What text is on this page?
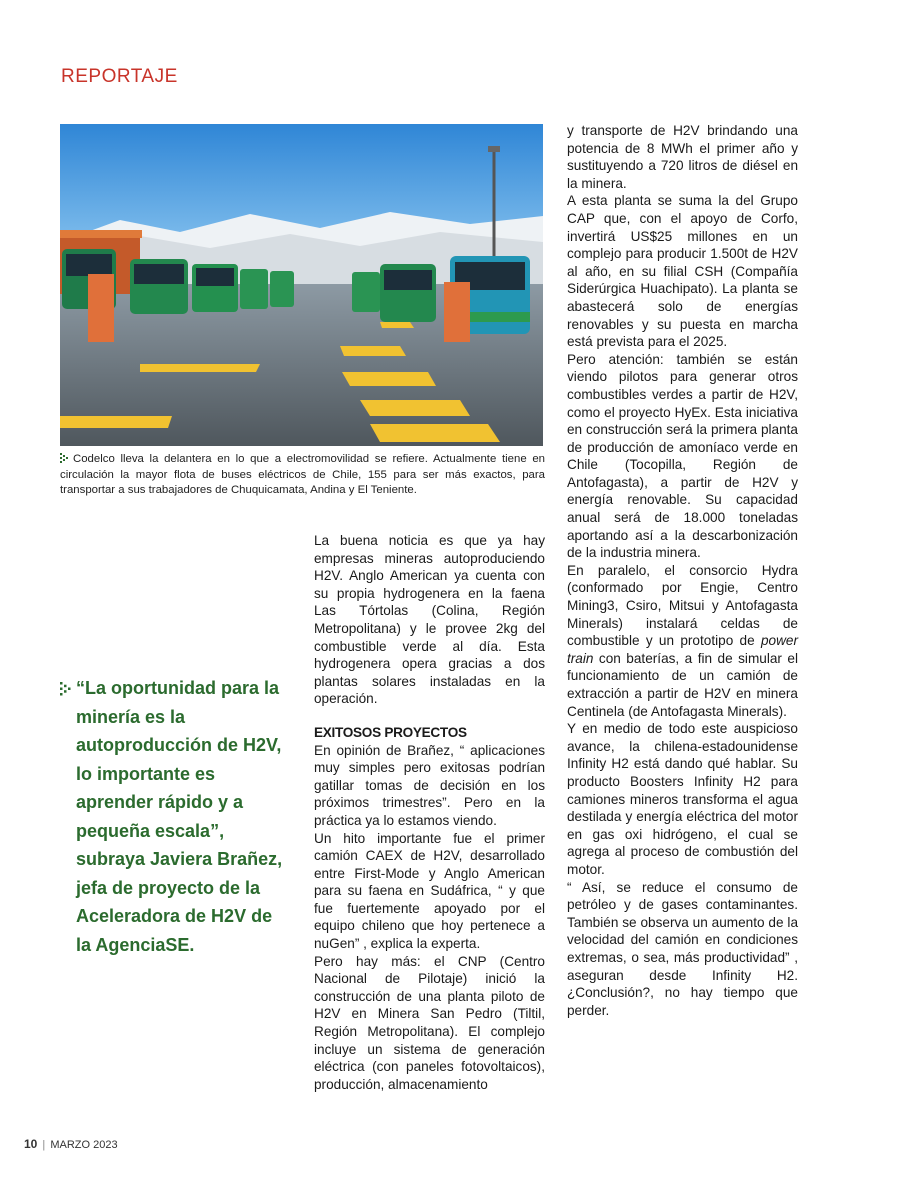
REPORTAJE
Codelco lleva la delantera en lo que a electromovilidad se refiere. Actualmente tiene en circulación la mayor flota de buses eléctricos de Chile, 155 para ser más exactos, para transportar a sus trabajadores de Chuquicamata, Andina y El Teniente.
“La oportunidad para la minería es la autoproducción de H2V, lo importante es aprender rápido y a pequeña escala”, subraya Javiera Brañez, jefa de proyecto de la Aceleradora de H2V de la AgenciaSE.

La buena noticia es que ya hay empresas mineras autoproduciendo H2V. Anglo American ya cuenta con su propia hydrogenera en la faena Las Tórtolas (Colina, Región Metropolitana) y le provee 2kg del combustible verde al día. Esta hydrogenera opera gracias a dos plantas solares instaladas en la operación.

EXITOSOS PROYECTOS

En opinión de Brañez, “ aplicaciones muy simples pero exitosas podrían gatillar tomas de decisión en los próximos trimestres”. Pero en la práctica ya lo estamos viendo.

Un hito importante fue el primer camión CAEX de H2V, desarrollado entre First-Mode y Anglo American para su faena en Sudáfrica, “ y que fue fuertemente apoyado por el equipo chileno que hoy pertenece a nuGen” , explica la experta.

Pero hay más: el CNP (Centro Nacional de Pilotaje) inició la construcción de una planta piloto de H2V en Minera San Pedro (Tiltil, Región Metropolitana). El complejo incluye un sistema de generación eléctrica (con paneles fotovoltaicos), producción, almacenamiento

y transporte de H2V brindando una potencia de 8 MWh el primer año y sustituyendo a 720 litros de diésel en la minera.

A esta planta se suma la del Grupo CAP que, con el apoyo de Corfo, invertirá US$25 millones en un complejo para producir 1.500t de H2V al año, en su filial CSH (Compañía Siderúrgica Huachipato). La planta se abastecerá solo de energías renovables y su puesta en marcha está prevista para el 2025.

Pero atención: también se están viendo pilotos para generar otros combustibles verdes a partir de H2V, como el proyecto HyEx. Esta iniciativa en construcción será la primera planta de producción de amoníaco verde en Chile (Tocopilla, Región de Antofagasta), a partir de H2V y energía renovable. Su capacidad anual será de 18.000 toneladas aportando así a la descarbonización de la industria minera.

En paralelo, el consorcio Hydra (conformado por Engie, Centro Mining3, Csiro, Mitsui y Antofagasta Minerals) instalará celdas de combustible y un prototipo de power train con baterías, a fin de simular el funcionamiento de un camión de extracción a partir de H2V en minera Centinela (de Antofagasta Minerals).

Y en medio de todo este auspicioso avance, la chilena-estadounidense Infinity H2 está dando qué hablar. Su producto Boosters Infinity H2 para camiones mineros transforma el agua destilada y energía eléctrica del motor en gas oxi hidrógeno, el cual se agrega al proceso de combustión del motor.

“ Así, se reduce el consumo de petróleo y de gases contaminantes. También se observa un aumento de la velocidad del camión en condiciones extremas, o sea, más productividad” , aseguran desde Infinity H2. ¿Conclusión?, no hay tiempo que perder.

10 | MARZO 2023
